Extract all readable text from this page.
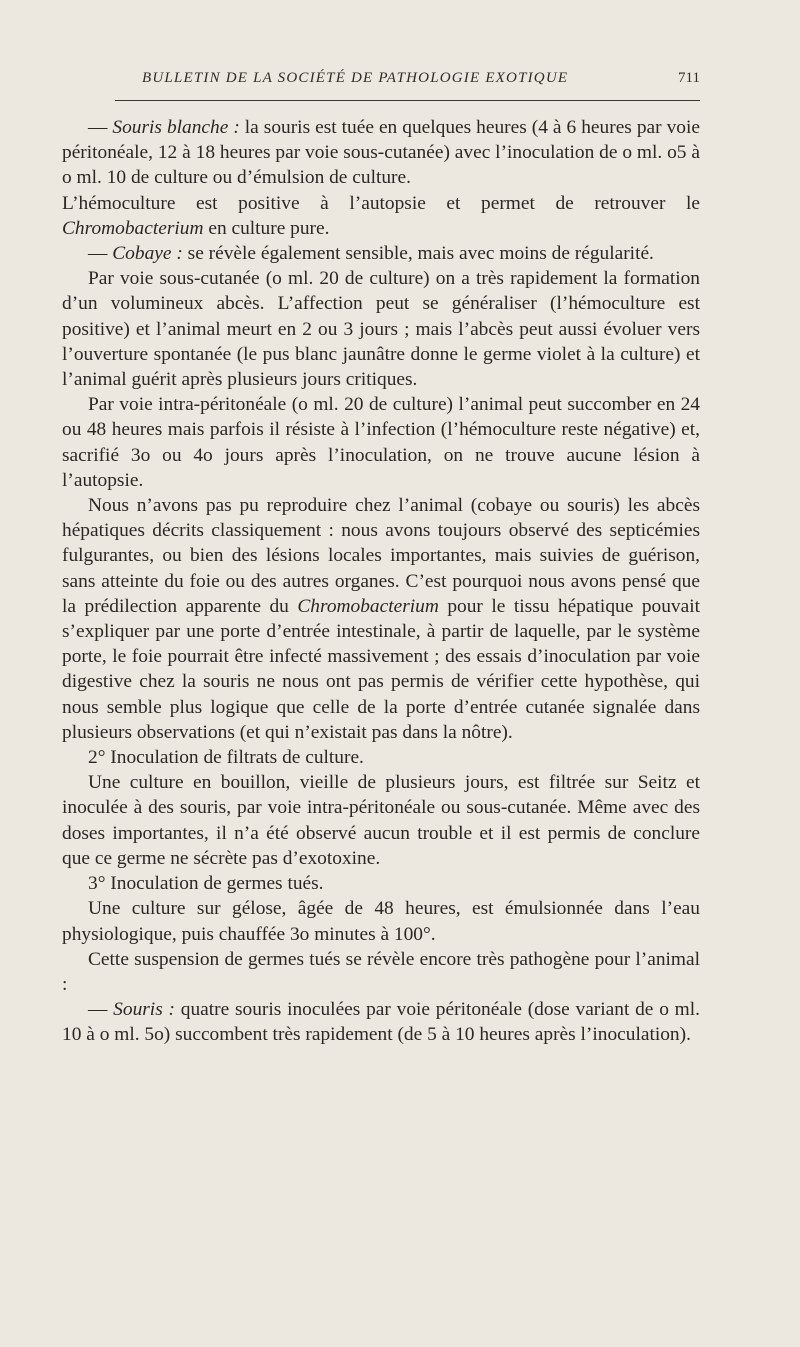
BULLETIN DE LA SOCIÉTÉ DE PATHOLOGIE EXOTIQUE	711

— Souris blanche : la souris est tuée en quelques heures (4 à 6 heures par voie péritonéale, 12 à 18 heures par voie sous-cutanée) avec l’inoculation de o ml. o5 à o ml. 10 de culture ou d’émulsion de culture.

L’hémoculture est positive à l’autopsie et permet de retrouver le Chromobacterium en culture pure.

— Cobaye : se révèle également sensible, mais avec moins de régularité.

Par voie sous-cutanée (o ml. 20 de culture) on a très rapidement la formation d’un volumineux abcès. L’affection peut se généraliser (l’hémoculture est positive) et l’animal meurt en 2 ou 3 jours ; mais l’abcès peut aussi évoluer vers l’ouverture spontanée (le pus blanc jaunâtre donne le germe violet à la culture) et l’animal guérit après plusieurs jours critiques.

Par voie intra-péritonéale (o ml. 20 de culture) l’animal peut succomber en 24 ou 48 heures mais parfois il résiste à l’infection (l’hémoculture reste négative) et, sacrifié 3o ou 4o jours après l’inoculation, on ne trouve aucune lésion à l’autopsie.

Nous n’avons pas pu reproduire chez l’animal (cobaye ou souris) les abcès hépatiques décrits classiquement : nous avons toujours observé des septicémies fulgurantes, ou bien des lésions locales importantes, mais suivies de guérison, sans atteinte du foie ou des autres organes. C’est pourquoi nous avons pensé que la prédilection apparente du Chromobacterium pour le tissu hépatique pouvait s’expliquer par une porte d’entrée intestinale, à partir de laquelle, par le système porte, le foie pourrait être infecté massivement ; des essais d’inoculation par voie digestive chez la souris ne nous ont pas permis de vérifier cette hypothèse, qui nous semble plus logique que celle de la porte d’entrée cutanée signalée dans plusieurs observations (et qui n’existait pas dans la nôtre).

2° Inoculation de filtrats de culture.

Une culture en bouillon, vieille de plusieurs jours, est filtrée sur Seitz et inoculée à des souris, par voie intra-péritonéale ou sous-cutanée. Même avec des doses importantes, il n’a été observé aucun trouble et il est permis de conclure que ce germe ne sécrète pas d’exotoxine.

3° Inoculation de germes tués.

Une culture sur gélose, âgée de 48 heures, est émulsionnée dans l’eau physiologique, puis chauffée 3o minutes à 100°.

Cette suspension de germes tués se révèle encore très pathogène pour l’animal :

— Souris : quatre souris inoculées par voie péritonéale (dose variant de o ml. 10 à o ml. 5o) succombent très rapidement (de 5 à 10 heures après l’inoculation).
